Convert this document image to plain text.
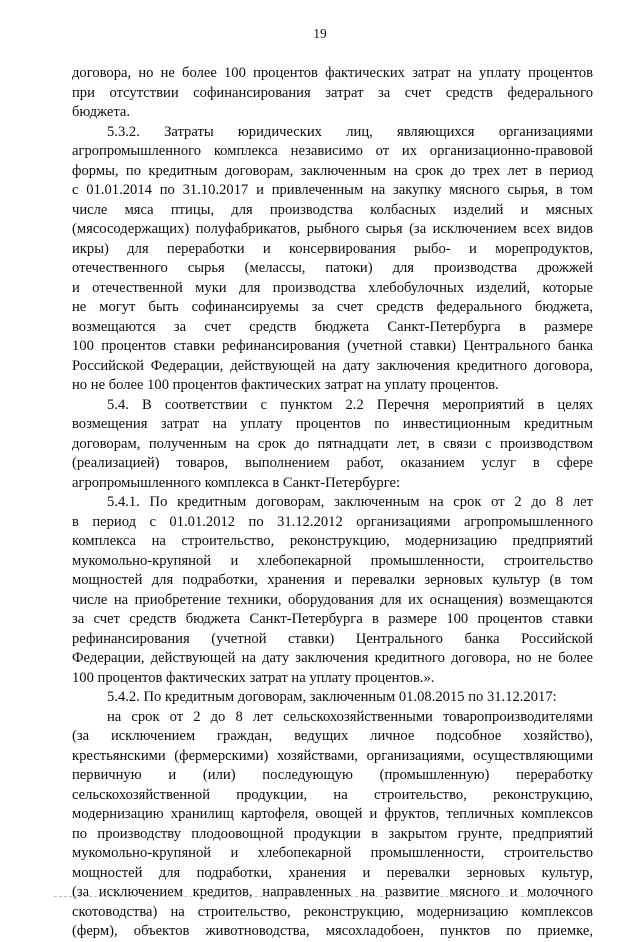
19
договора, но не более 100 процентов фактических затрат на уплату процентов
при отсутствии софинансирования затрат за счет средств федерального
бюджета.
5.3.2. Затраты юридических лиц, являющихся организациями
агропромышленного комплекса независимо от их организационно-правовой
формы, по кредитным договорам, заключенным на срок до трех лет в период
с 01.01.2014 по 31.10.2017 и привлеченным на закупку мясного сырья, в том
числе мяса птицы, для производства колбасных изделий и мясных
(мясосодержащих) полуфабрикатов, рыбного сырья (за исключением всех видов
икры) для переработки и консервирования рыбо- и морепродуктов,
отечественного сырья (мелассы, патоки) для производства дрожжей
и отечественной муки для производства хлебобулочных изделий, которые
не могут быть софинансируемы за счет средств федерального бюджета,
возмещаются за счет средств бюджета Санкт-Петербурга в размере
100 процентов ставки рефинансирования (учетной ставки) Центрального банка
Российской Федерации, действующей на дату заключения кредитного договора,
но не более 100 процентов фактических затрат на уплату процентов.
5.4. В соответствии с пунктом 2.2 Перечня мероприятий в целях
возмещения затрат на уплату процентов по инвестиционным кредитным
договорам, полученным на срок до пятнадцати лет, в связи с производством
(реализацией) товаров, выполнением работ, оказанием услуг в сфере
агропромышленного комплекса в Санкт-Петербурге:
5.4.1. По кредитным договорам, заключенным на срок от 2 до 8 лет
в период с 01.01.2012 по 31.12.2012 организациями агропромышленного
комплекса на строительство, реконструкцию, модернизацию предприятий
мукомольно-крупяной и хлебопекарной промышленности, строительство
мощностей для подработки, хранения и перевалки зерновых культур (в том
числе на приобретение техники, оборудования для их оснащения) возмещаются
за счет средств бюджета Санкт-Петербурга в размере 100 процентов ставки
рефинансирования (учетной ставки) Центрального банка Российской
Федерации, действующей на дату заключения кредитного договора, но не более
100 процентов фактических затрат на уплату процентов.».
5.4.2. По кредитным договорам, заключенным 01.08.2015 по 31.12.2017:
на срок от 2 до 8 лет сельскохозяйственными товаропроизводителями
(за исключением граждан, ведущих личное подсобное хозяйство),
крестьянскими (фермерскими) хозяйствами, организациями, осуществляющими
первичную и (или) последующую (промышленную) переработку
сельскохозяйственной продукции, на строительство, реконструкцию,
модернизацию хранилищ картофеля, овощей и фруктов, тепличных комплексов
по производству плодоовощной продукции в закрытом грунте, предприятий
мукомольно-крупяной и хлебопекарной промышленности, строительство
мощностей для подработки, хранения и перевалки зерновых культур,
(за исключением кредитов, направленных на развитие мясного и молочного
скотоводства) на строительство, реконструкцию, модернизацию комплексов
(ферм), объектов животноводства, мясохладобоен, пунктов по приемке,
